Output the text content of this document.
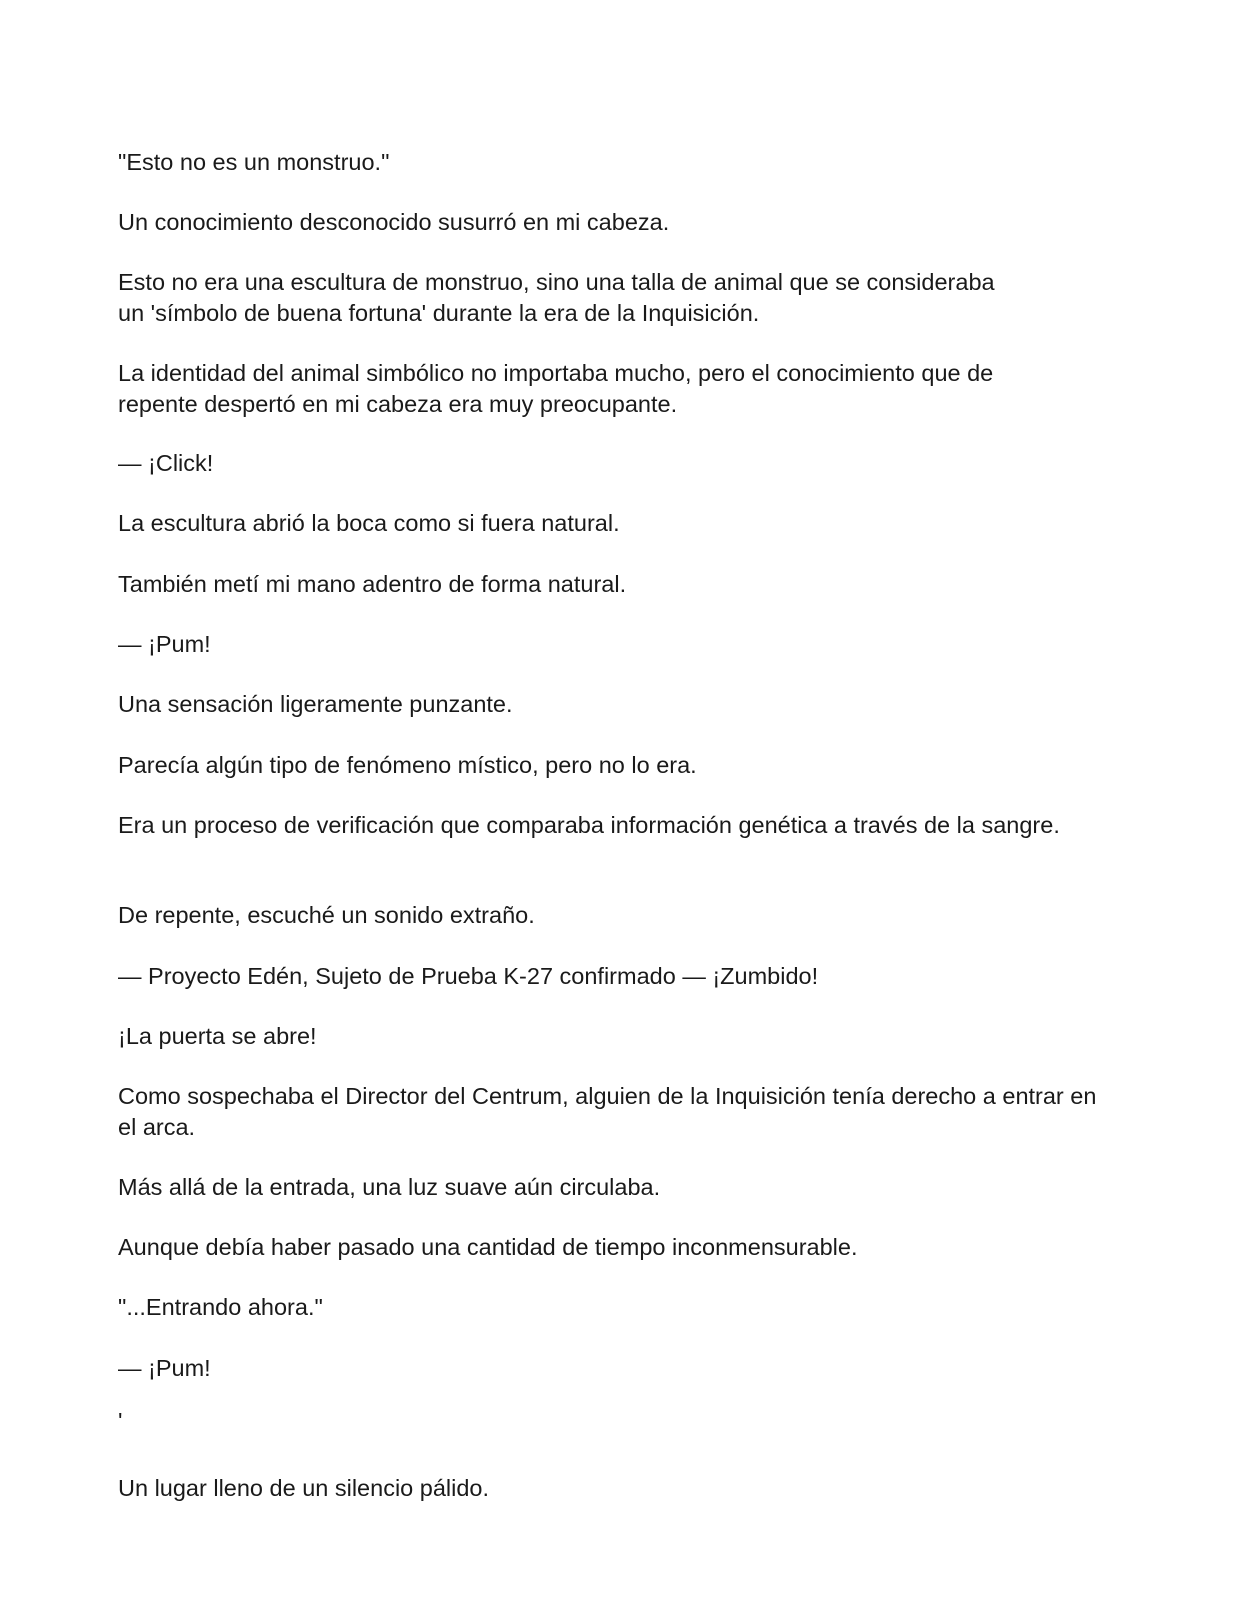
"Esto no es un monstruo."

Un conocimiento desconocido susurró en mi cabeza.

Esto no era una escultura de monstruo, sino una talla de animal que se consideraba un 'símbolo de buena fortuna' durante la era de la Inquisición.

La identidad del animal simbólico no importaba mucho, pero el conocimiento que de repente despertó en mi cabeza era muy preocupante.

— ¡Click!

La escultura abrió la boca como si fuera natural.

También metí mi mano adentro de forma natural.

— ¡Pum!

Una sensación ligeramente punzante.

Parecía algún tipo de fenómeno místico, pero no lo era.

Era un proceso de verificación que comparaba información genética a través de la sangre.

De repente, escuché un sonido extraño.

— Proyecto Edén, Sujeto de Prueba K-27 confirmado — ¡Zumbido!

¡La puerta se abre!

Como sospechaba el Director del Centrum, alguien de la Inquisición tenía derecho a entrar en el arca.

Más allá de la entrada, una luz suave aún circulaba.

Aunque debía haber pasado una cantidad de tiempo inconmensurable.

"...Entrando ahora."

— ¡Pum!

'

Un lugar lleno de un silencio pálido.
